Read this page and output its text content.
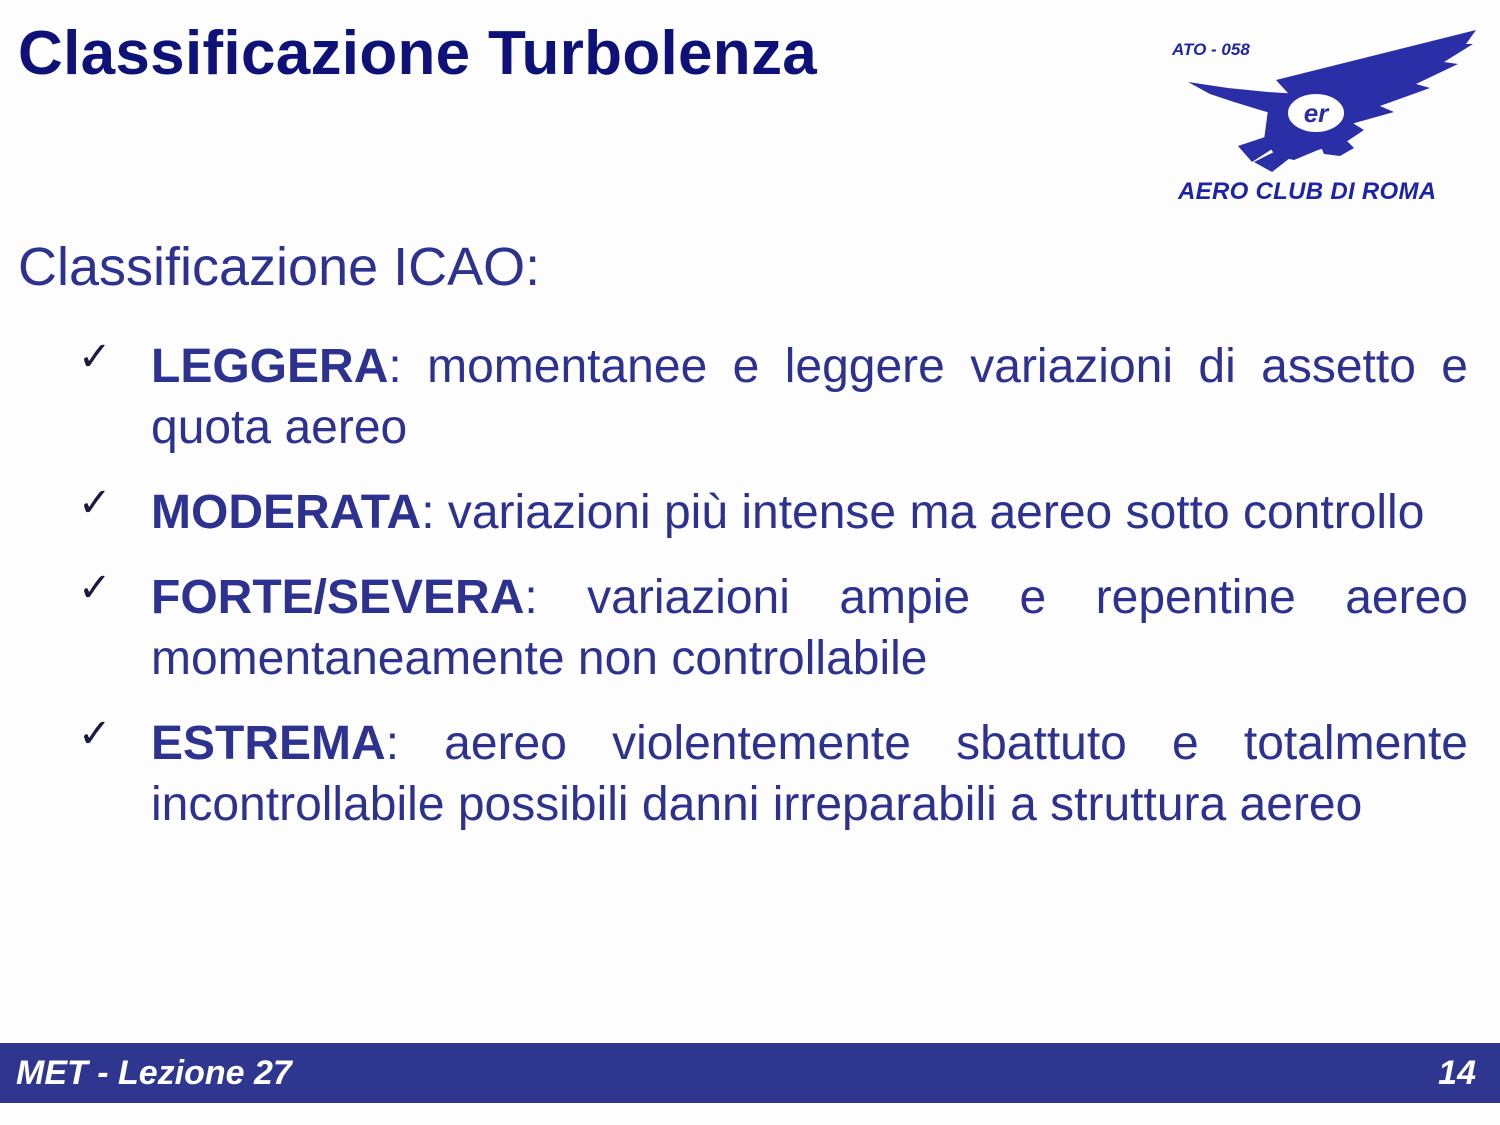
Classificazione Turbolenza
er
ATO - 058
AERO CLUB DI ROMA
Classificazione ICAO:
✓ LEGGERA: momentanee e leggere variazioni di assetto e quota aereo
✓ MODERATA: variazioni più intense ma aereo sotto controllo
✓ FORTE/SEVERA: variazioni ampie e repentine aereo momentaneamente non controllabile
✓ ESTREMA: aereo violentemente sbattuto e totalmente incontrollabile possibili danni irreparabili a struttura aereo
MET - Lezione 27	14
